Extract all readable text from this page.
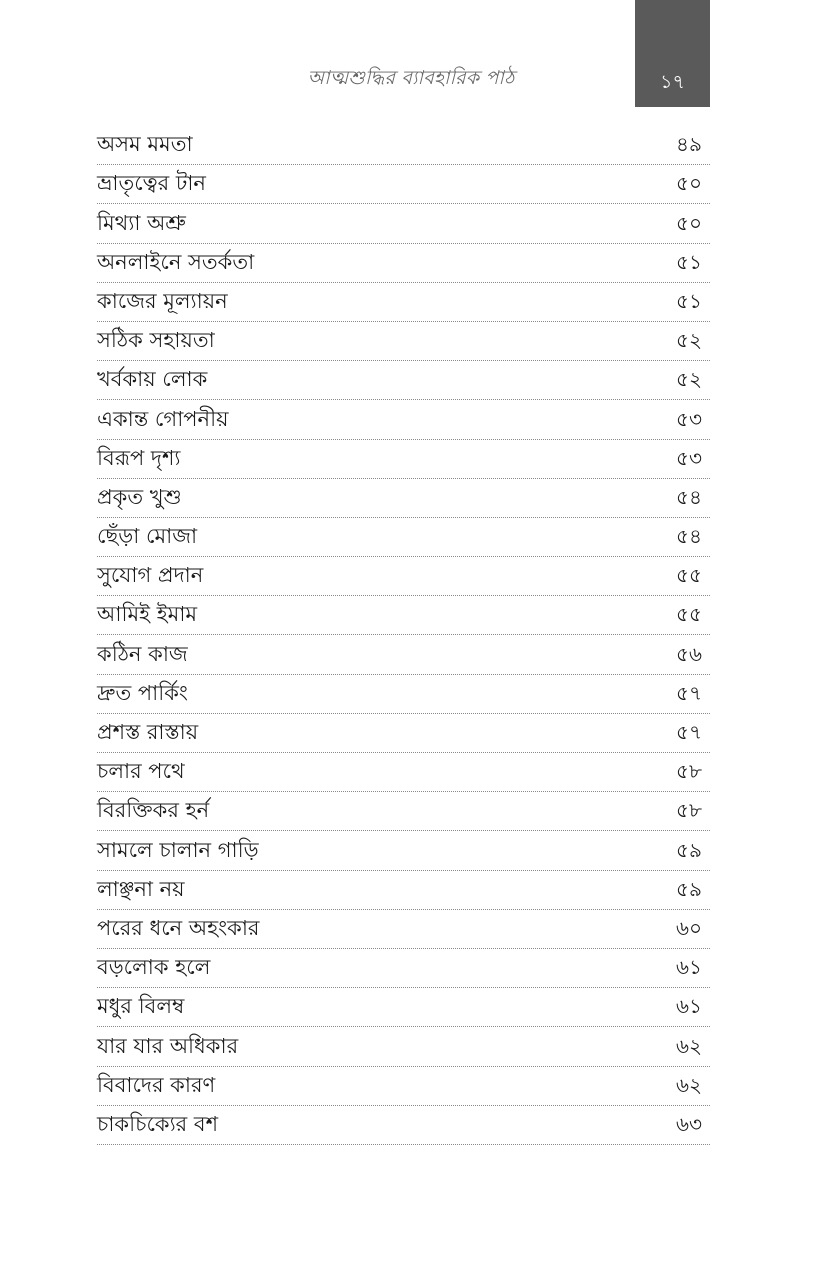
আত্মশুদ্ধির ব্যাবহারিক পাঠ	১৭
অসম মমতা	৪৯
ভ্রাতৃত্বের টান	৫০
মিথ্যা অশ্রু	৫০
অনলাইনে সতর্কতা	৫১
কাজের মূল্যায়ন	৫১
সঠিক সহায়তা	৫২
খর্বকায় লোক	৫২
একান্ত গোপনীয়	৫৩
বিরূপ দৃশ্য	৫৩
প্রকৃত খুশু	৫৪
ছেঁড়া মোজা	৫৪
সুযোগ প্রদান	৫৫
আমিই ইমাম	৫৫
কঠিন কাজ	৫৬
দ্রুত পার্কিং	৫৭
প্রশস্ত রাস্তায়	৫৭
চলার পথে	৫৮
বিরক্তিকর হর্ন	৫৮
সামলে চালান গাড়ি	৫৯
লাঞ্ছনা নয়	৫৯
পরের ধনে অহংকার	৬০
বড়লোক হলে	৬১
মধুর বিলম্ব	৬১
যার যার অধিকার	৬২
বিবাদের কারণ	৬২
চাকচিক্যের বশ	৬৩
